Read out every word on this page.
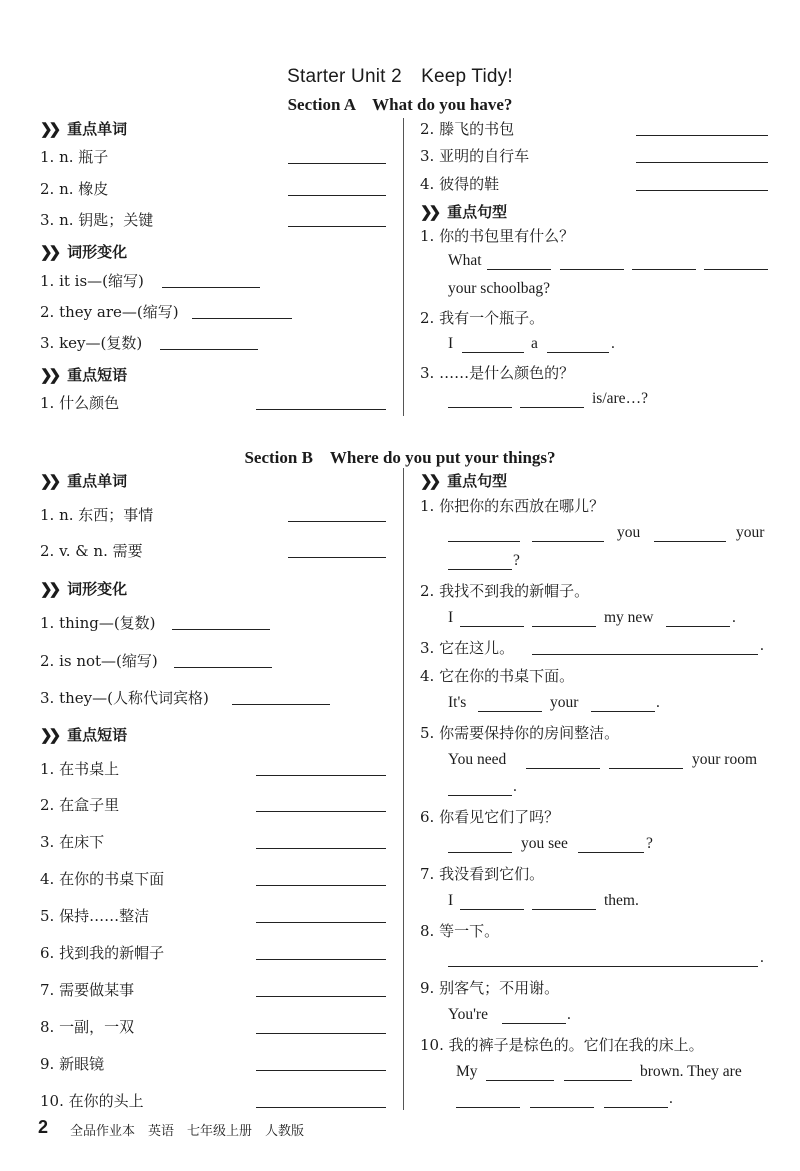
Starter Unit 2　Keep Tidy!
Section A　What do you have?
❯❯ 重点单词
1. n. 瓶子
2. n. 橡皮
3. n. 钥匙；关键
❯❯ 词形变化
1. it is—(缩写)
2. they are—(缩写)
3. key—(复数)
❯❯ 重点短语
1. 什么颜色
2. 滕飞的书包
3. 亚明的自行车
4. 彼得的鞋
❯❯ 重点句型
1. 你的书包里有什么？
What
your schoolbag?
2. 我有一个瓶子。
I	a	.
3. ……是什么颜色的？
is/are…?
Section B　Where do you put your things?
❯❯ 重点单词
1. n. 东西；事情
2. v. & n. 需要
❯❯ 词形变化
1. thing—(复数)
2. is not—(缩写)
3. they—(人称代词宾格)
❯❯ 重点短语
1. 在书桌上
2. 在盒子里
3. 在床下
4. 在你的书桌下面
5. 保持……整洁
6. 找到我的新帽子
7. 需要做某事
8. 一副，一双
9. 新眼镜
10. 在你的头上
❯❯ 重点句型
1. 你把你的东西放在哪儿？
you	your
?
2. 我找不到我的新帽子。
I	my new	.
3. 它在这儿。	.
4. 它在你的书桌下面。
It's	your	.
5. 你需要保持你的房间整洁。
You need	your room
.
6. 你看见它们了吗？
you see	?
7. 我没看到它们。
I	them.
8. 等一下。
.
9. 别客气；不用谢。
You're	.
10. 我的裤子是棕色的。它们在我的床上。
My	brown. They are
.
2 全品作业本　英语　七年级上册　人教版
